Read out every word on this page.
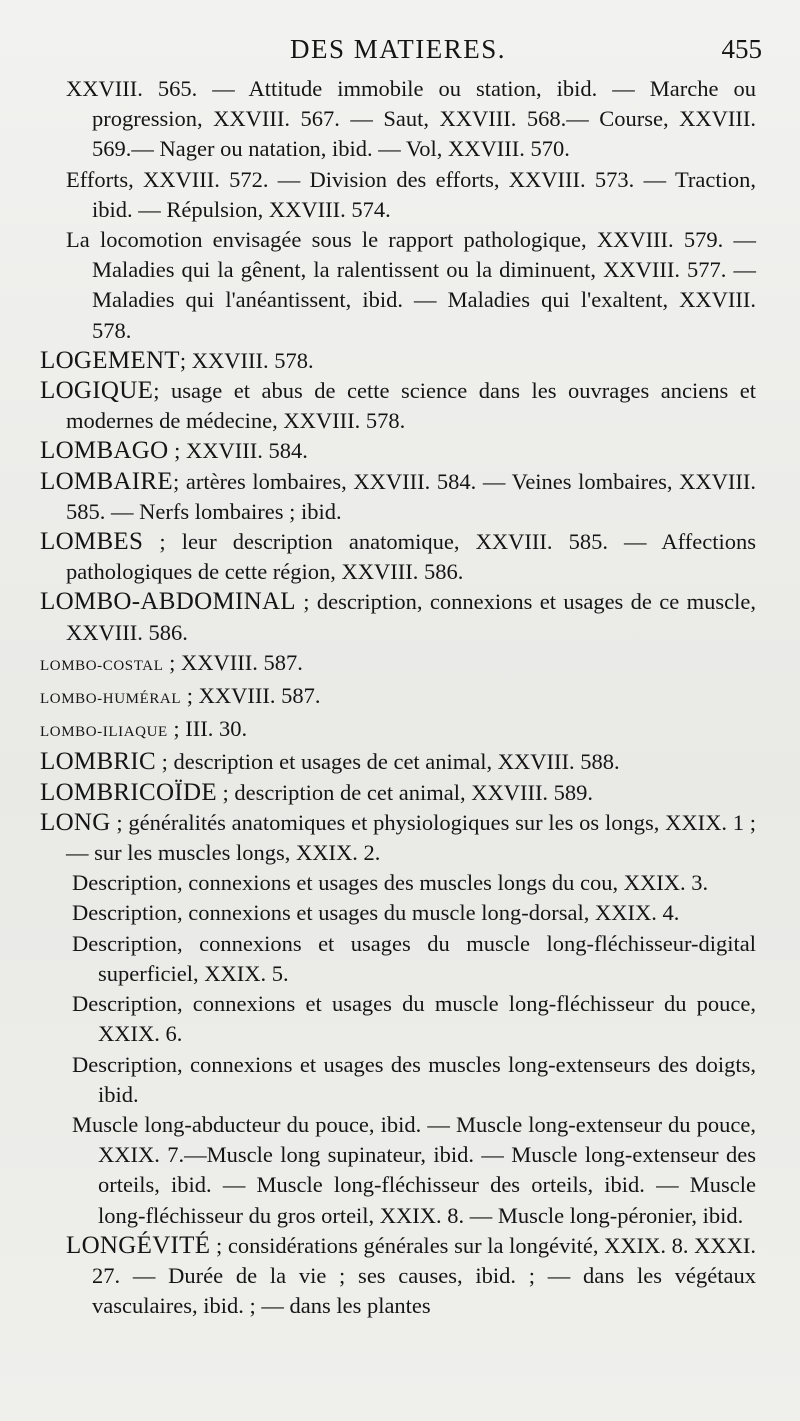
DES MATIERES.	455
XXVIII. 565. — Attitude immobile ou station, ibid. — Marche ou progression, XXVIII. 567. — Saut, XXVIII. 568.— Course, XXVIII. 569.— Nager ou natation, ibid. — Vol, XXVIII. 570.
Efforts, XXVIII. 572. — Division des efforts, XXVIII. 573. — Traction, ibid. — Répulsion, XXVIII. 574.
La locomotion envisagée sous le rapport pathologique, XXVIII. 579. — Maladies qui la gênent, la ralentissent ou la diminuent, XXVIII. 577. — Maladies qui l'anéantissent, ibid. — Maladies qui l'exaltent, XXVIII. 578.
LOGEMENT; XXVIII. 578.
LOGIQUE; usage et abus de cette science dans les ouvrages anciens et modernes de médecine, XXVIII. 578.
LOMBAGO ; XXVIII. 584.
LOMBAIRE; artères lombaires, XXVIII. 584. — Veines lombaires, XXVIII. 585. — Nerfs lombaires ; ibid.
LOMBES ; leur description anatomique, XXVIII. 585. — Affections pathologiques de cette région, XXVIII. 586.
LOMBO-ABDOMINAL ; description, connexions et usages de ce muscle, XXVIII. 586.
LOMBO-COSTAL ; XXVIII. 587.
LOMBO-HUMÉRAL ; XXVIII. 587.
LOMBO-ILIAQUE ; III. 30.
LOMBRIC ; description et usages de cet animal, XXVIII. 588.
LOMBRICOÏDE ; description de cet animal, XXVIII. 589.
LONG ; généralités anatomiques et physiologiques sur les os longs, XXIX. 1 ; — sur les muscles longs, XXIX. 2.
Description, connexions et usages des muscles longs du cou, XXIX. 3.
Description, connexions et usages du muscle long-dorsal, XXIX. 4.
Description, connexions et usages du muscle long-fléchisseur-digital superficiel, XXIX. 5.
Description, connexions et usages du muscle long-fléchisseur du pouce, XXIX. 6.
Description, connexions et usages des muscles long-extenseurs des doigts, ibid.
Muscle long-abducteur du pouce, ibid. — Muscle long-extenseur du pouce, XXIX. 7.—Muscle long supinateur, ibid. — Muscle long-extenseur des orteils, ibid. — Muscle long-fléchisseur des orteils, ibid. — Muscle long-fléchisseur du gros orteil, XXIX. 8. — Muscle long-péronier, ibid.
LONGÉVITÉ ; considérations générales sur la longévité, XXIX. 8. XXXI. 27. — Durée de la vie ; ses causes, ibid. ; — dans les végétaux vasculaires, ibid. ; — dans les plantes
